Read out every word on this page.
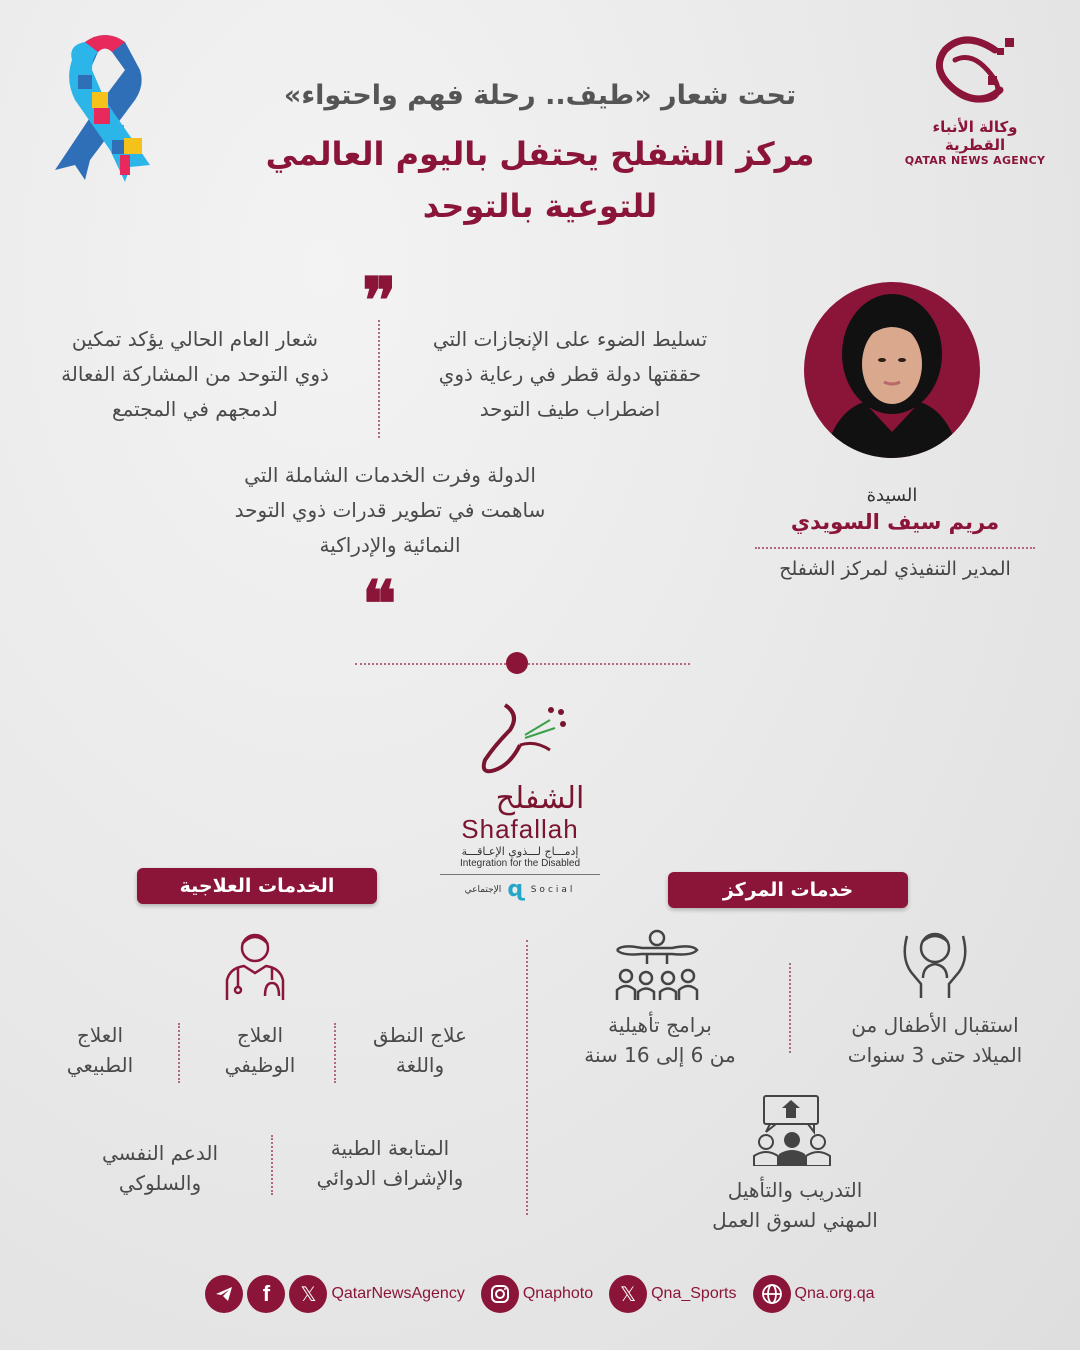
وكالة الأنباء القطرية
QATAR NEWS AGENCY
تحت شعار «طيف.. رحلة فهم واحتواء»
مركز الشفلح يحتفل باليوم العالمي
للتوعية بالتوحد
❞	تسليط الضوء على الإنجازات التي
حققتها دولة قطر في رعاية ذوي
اضطراب طيف التوحد
شعار العام الحالي يؤكد تمكين
ذوي التوحد من المشاركة الفعالة
لدمجهم في المجتمع
الدولة وفرت الخدمات الشاملة التي
ساهمت في تطوير قدرات ذوي التوحد
النمائية والإدراكية
❝
السيدة
مريم سيف السويدي
المدير التنفيذي لمركز الشفلح
الشفلح
Shafallah
إدمـــاج لـــذوي الإعـاقـــة
Integration for the Disabled
الإجتماعي ɋ Social
الخدمات العلاجية	خدمات المركز
علاج النطق
واللغة
العلاج
الوظيفي
العلاج
الطبيعي
المتابعة الطبية
والإشراف الدوائي
الدعم النفسي
والسلوكي
استقبال الأطفال من
الميلاد حتى 3 سنوات
برامج تأهيلية
من 6 إلى 16 سنة
التدريب والتأهيل
المهني لسوق العمل
f 𝕏 QatarNewsAgency	Qnaphoto 𝕏 Qna_Sports	Qna.org.qa
